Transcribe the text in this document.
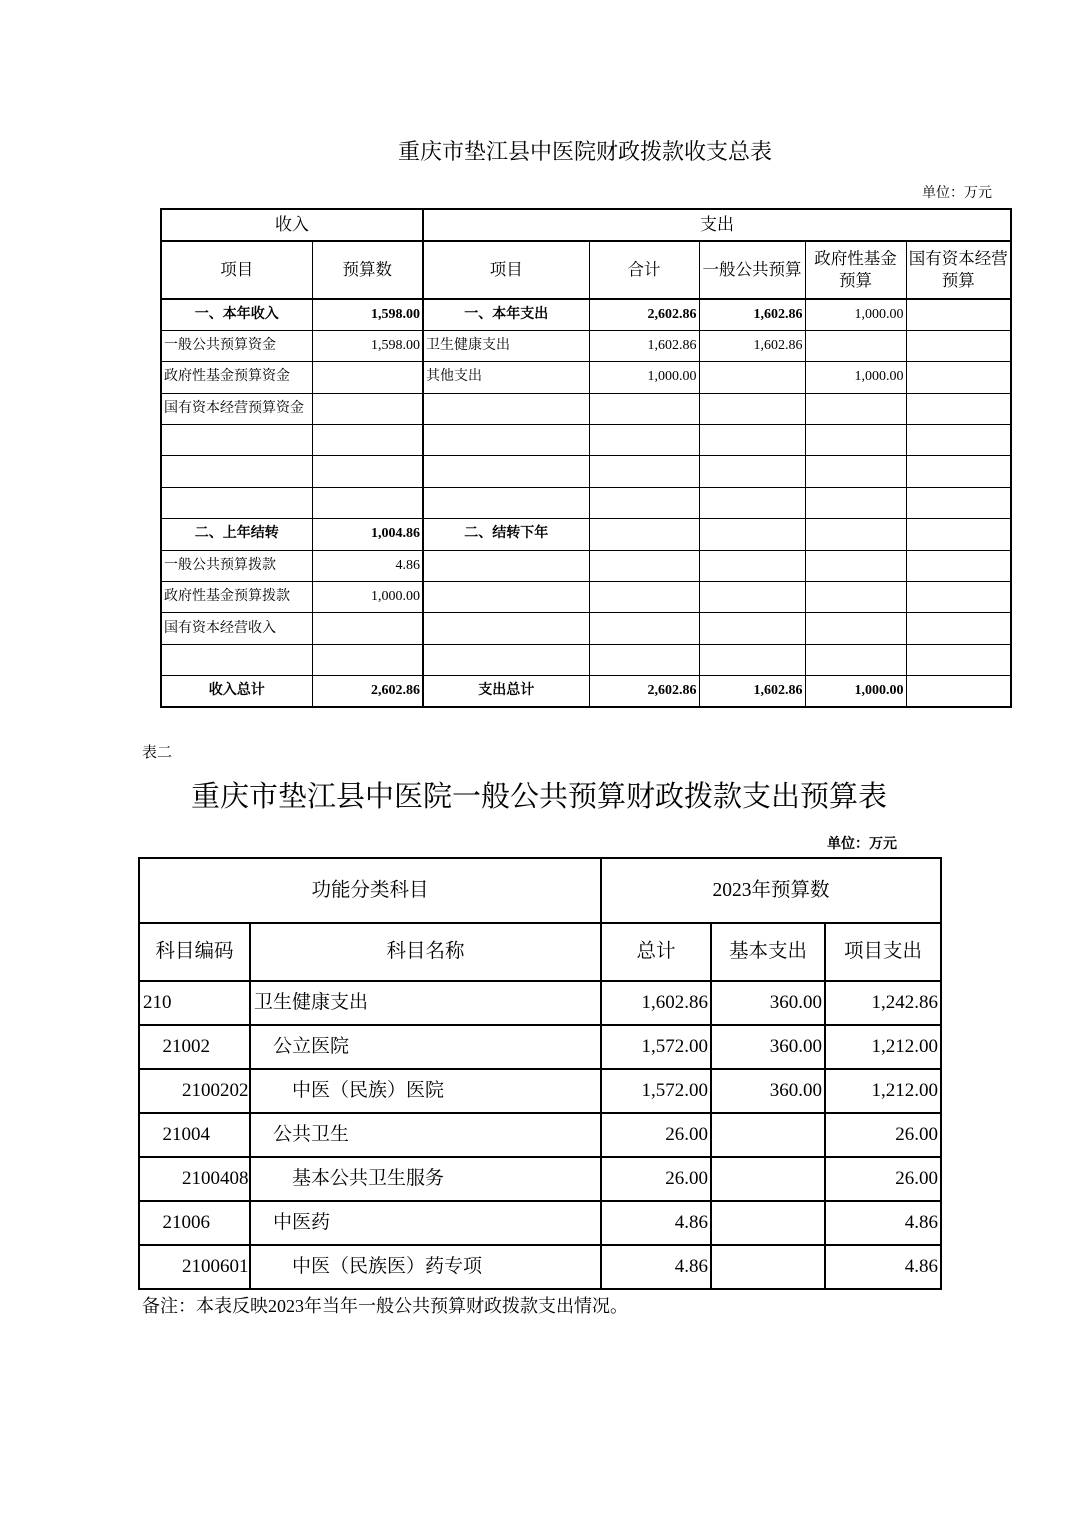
重庆市垫江县中医院财政拨款收支总表
单位：万元
收入		支出				
项目	预算数	项目	合计	一般公共预算	政府性基金预算	国有资本经营预算
一、本年收入	1,598.00	一、本年支出	2,602.86	1,602.86	1,000.00	
一般公共预算资金	1,598.00	卫生健康支出	1,602.86	1,602.86		
政府性基金预算资金		其他支出	1,000.00		1,000.00	
国有资本经营预算资金						

二、上年结转	1,004.86	二、结转下年				
一般公共预算拨款	4.86					
政府性基金预算拨款	1,000.00					
国有资本经营收入						

收入总计	2,602.86	支出总计	2,602.86	1,602.86	1,000.00	
表二
重庆市垫江县中医院一般公共预算财政拨款支出预算表
单位：万元
功能分类科目		2023年预算数		
科目编码	科目名称	总计	基本支出	项目支出
210	卫生健康支出	1,602.86	360.00	1,242.86
21002	公立医院	1,572.00	360.00	1,212.00
2100202	中医（民族）医院	1,572.00	360.00	1,212.00
21004	公共卫生	26.00		26.00
2100408	基本公共卫生服务	26.00		26.00
21006	中医药	4.86		4.86
2100601	中医（民族医）药专项	4.86		4.86
备注：本表反映2023年当年一般公共预算财政拨款支出情况。
